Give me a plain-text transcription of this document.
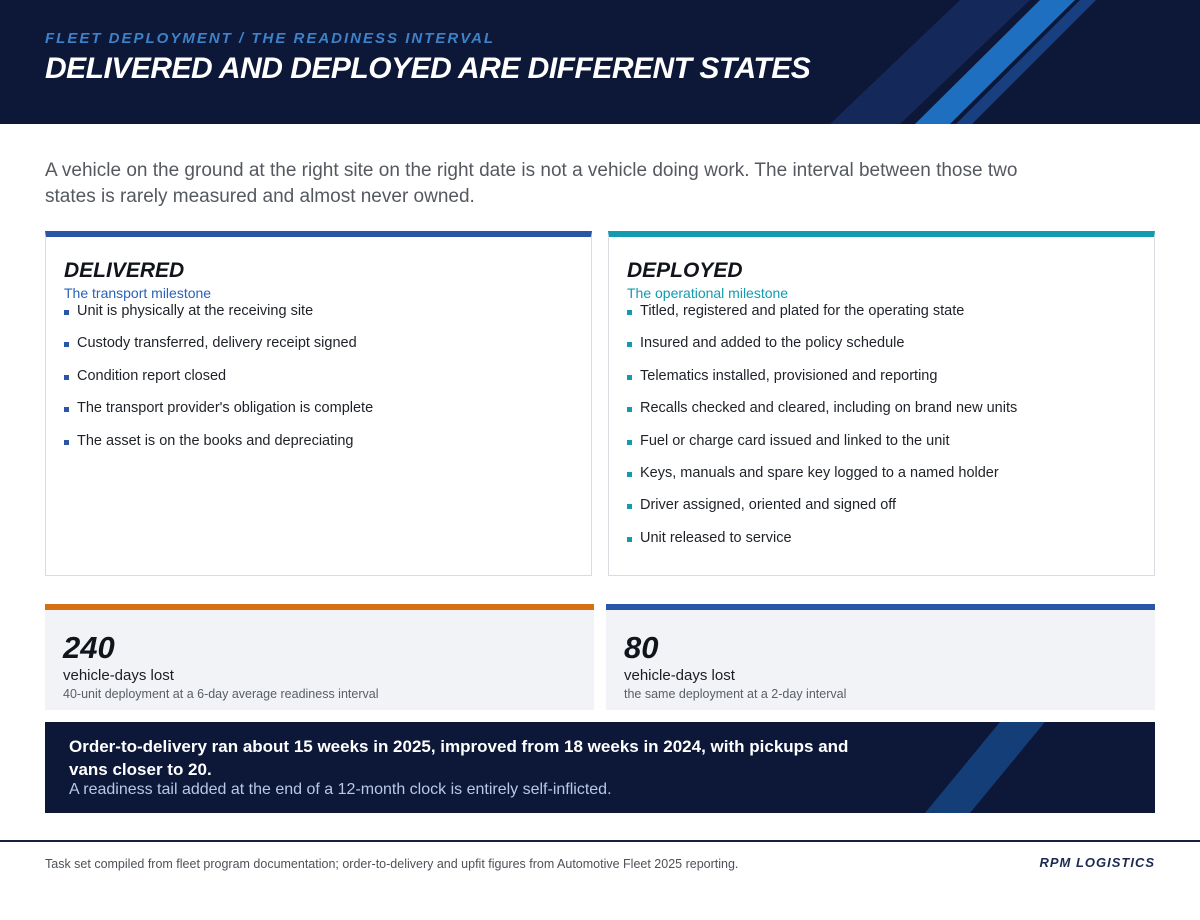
FLEET DEPLOYMENT / THE READINESS INTERVAL
DELIVERED AND DEPLOYED ARE DIFFERENT STATES
A vehicle on the ground at the right site on the right date is not a vehicle doing work. The interval between those two states is rarely measured and almost never owned.
DELIVERED
The transport milestone
Unit is physically at the receiving site
Custody transferred, delivery receipt signed
Condition report closed
The transport provider's obligation is complete
The asset is on the books and depreciating
DEPLOYED
The operational milestone
Titled, registered and plated for the operating state
Insured and added to the policy schedule
Telematics installed, provisioned and reporting
Recalls checked and cleared, including on brand new units
Fuel or charge card issued and linked to the unit
Keys, manuals and spare key logged to a named holder
Driver assigned, oriented and signed off
Unit released to service
240
vehicle-days lost
40-unit deployment at a 6-day average readiness interval
80
vehicle-days lost
the same deployment at a 2-day interval
Order-to-delivery ran about 15 weeks in 2025, improved from 18 weeks in 2024, with pickups and vans closer to 20.
A readiness tail added at the end of a 12-month clock is entirely self-inflicted.
Task set compiled from fleet program documentation; order-to-delivery and upfit figures from Automotive Fleet 2025 reporting.	RPM LOGISTICS
